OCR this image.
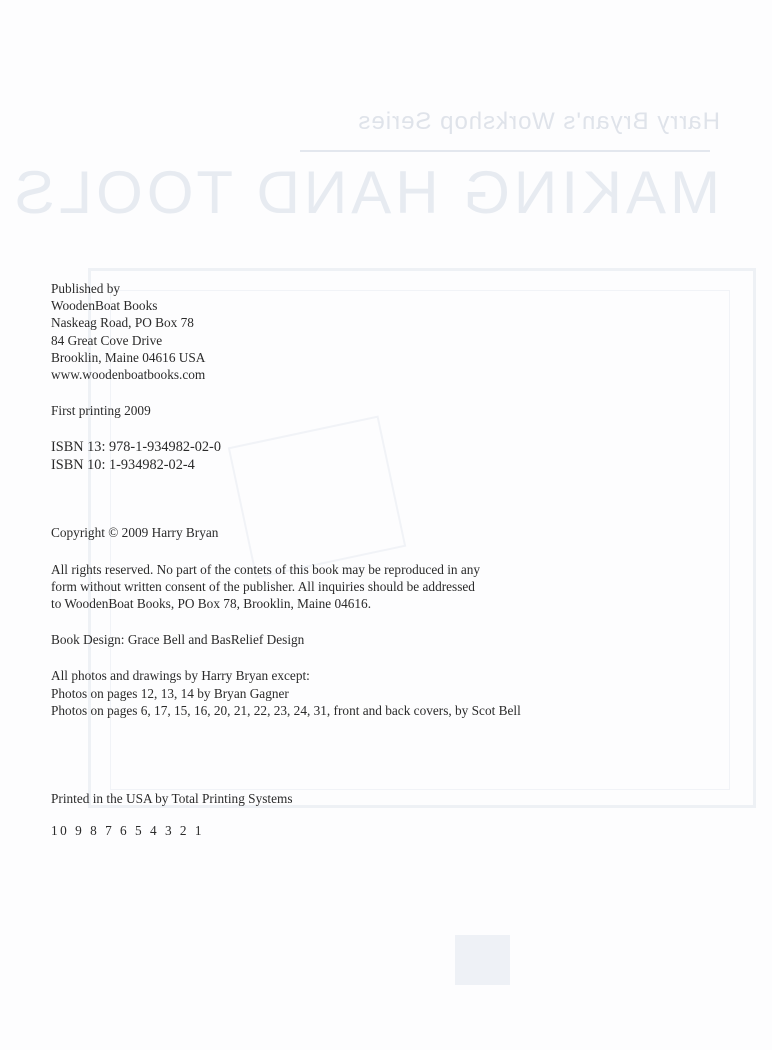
Harry Bryan's Workshop Series
MAKING HAND TOOLS

Published by

WoodenBoat Books

Naskeag Road, PO Box 78

84 Great Cove Drive

Brooklin, Maine 04616 USA

www.woodenboatbooks.com

First printing 2009

ISBN 13: 978-1-934982-02-0

ISBN 10: 1-934982-02-4

Copyright © 2009 Harry Bryan

All rights reserved. No part of the contets of this book may be reproduced in any form without written consent of the publisher. All inquiries should be addressed to WoodenBoat Books, PO Box 78, Brooklin, Maine 04616.

Book Design: Grace Bell and BasRelief Design

All photos and drawings by Harry Bryan except:

Photos on pages 12, 13, 14 by Bryan Gagner

Photos on pages 6, 17, 15, 16, 20, 21, 22, 23, 24, 31, front and back covers, by Scot Bell

Printed in the USA by Total Printing Systems

10 9 8 7 6 5 4 3 2 1
